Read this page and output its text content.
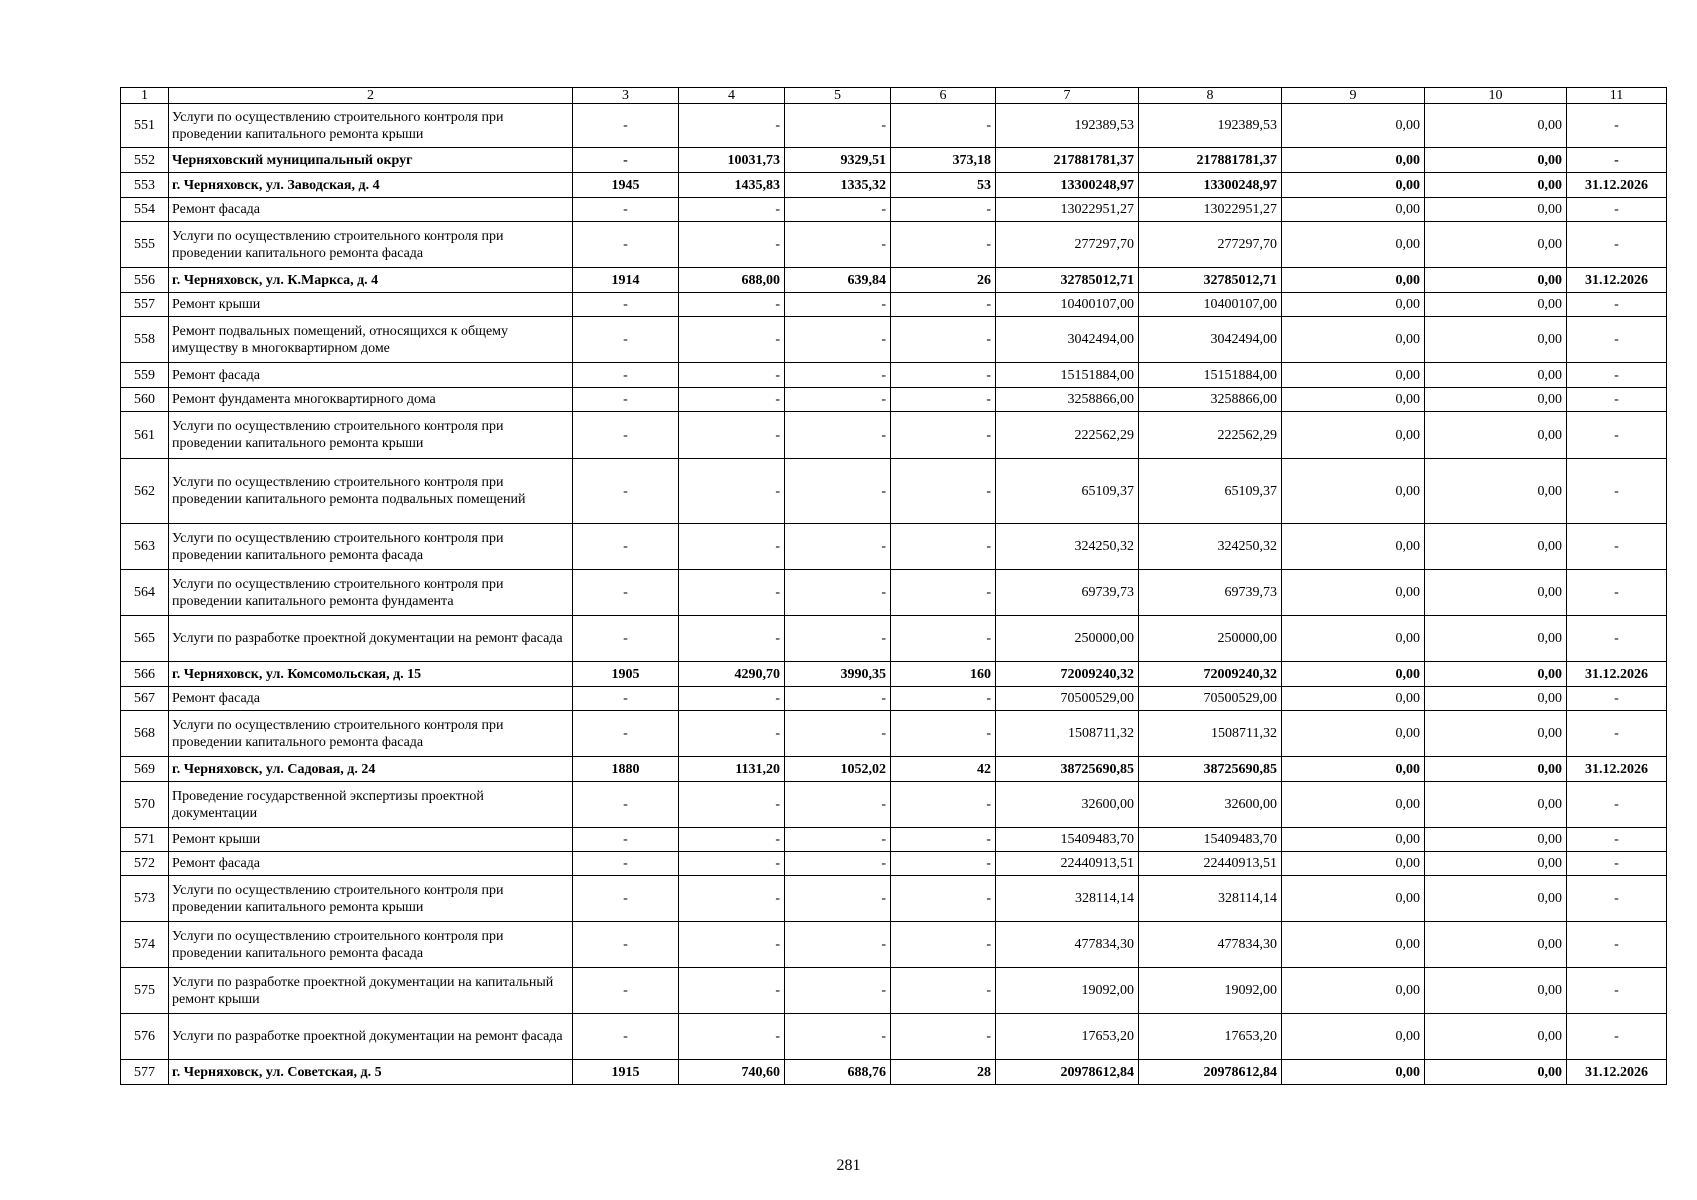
1	2	3	4	5	6	7	8	9	10	11
551	Услуги по осуществлению строительного контроля при проведении капитального ремонта крыши	-	-	-	-	192389,53	192389,53	0,00	0,00	-
552	Черняховский муниципальный округ	-	10031,73	9329,51	373,18	217881781,37	217881781,37	0,00	0,00	-
553	г. Черняховск, ул. Заводская, д. 4	1945	1435,83	1335,32	53	13300248,97	13300248,97	0,00	0,00	31.12.2026
554	Ремонт фасада	-	-	-	-	13022951,27	13022951,27	0,00	0,00	-
555	Услуги по осуществлению строительного контроля при проведении капитального ремонта фасада	-	-	-	-	277297,70	277297,70	0,00	0,00	-
556	г. Черняховск, ул. К.Маркса, д. 4	1914	688,00	639,84	26	32785012,71	32785012,71	0,00	0,00	31.12.2026
557	Ремонт крыши	-	-	-	-	10400107,00	10400107,00	0,00	0,00	-
558	Ремонт подвальных помещений, относящихся к общему имуществу в многоквартирном доме	-	-	-	-	3042494,00	3042494,00	0,00	0,00	-
559	Ремонт фасада	-	-	-	-	15151884,00	15151884,00	0,00	0,00	-
560	Ремонт фундамента многоквартирного дома	-	-	-	-	3258866,00	3258866,00	0,00	0,00	-
561	Услуги по осуществлению строительного контроля при проведении капитального ремонта крыши	-	-	-	-	222562,29	222562,29	0,00	0,00	-
562	Услуги по осуществлению строительного контроля при проведении капитального ремонта подвальных помещений	-	-	-	-	65109,37	65109,37	0,00	0,00	-
563	Услуги по осуществлению строительного контроля при проведении капитального ремонта фасада	-	-	-	-	324250,32	324250,32	0,00	0,00	-
564	Услуги по осуществлению строительного контроля при проведении капитального ремонта фундамента	-	-	-	-	69739,73	69739,73	0,00	0,00	-
565	Услуги по разработке проектной документации на ремонт фасада	-	-	-	-	250000,00	250000,00	0,00	0,00	-
566	г. Черняховск, ул. Комсомольская, д. 15	1905	4290,70	3990,35	160	72009240,32	72009240,32	0,00	0,00	31.12.2026
567	Ремонт фасада	-	-	-	-	70500529,00	70500529,00	0,00	0,00	-
568	Услуги по осуществлению строительного контроля при проведении капитального ремонта фасада	-	-	-	-	1508711,32	1508711,32	0,00	0,00	-
569	г. Черняховск, ул. Садовая, д. 24	1880	1131,20	1052,02	42	38725690,85	38725690,85	0,00	0,00	31.12.2026
570	Проведение государственной экспертизы проектной документации	-	-	-	-	32600,00	32600,00	0,00	0,00	-
571	Ремонт крыши	-	-	-	-	15409483,70	15409483,70	0,00	0,00	-
572	Ремонт фасада	-	-	-	-	22440913,51	22440913,51	0,00	0,00	-
573	Услуги по осуществлению строительного контроля при проведении капитального ремонта крыши	-	-	-	-	328114,14	328114,14	0,00	0,00	-
574	Услуги по осуществлению строительного контроля при проведении капитального ремонта фасада	-	-	-	-	477834,30	477834,30	0,00	0,00	-
575	Услуги по разработке проектной документации на капитальный ремонт крыши	-	-	-	-	19092,00	19092,00	0,00	0,00	-
576	Услуги по разработке проектной документации на ремонт фасада	-	-	-	-	17653,20	17653,20	0,00	0,00	-
577	г. Черняховск, ул. Советская, д. 5	1915	740,60	688,76	28	20978612,84	20978612,84	0,00	0,00	31.12.2026
281
